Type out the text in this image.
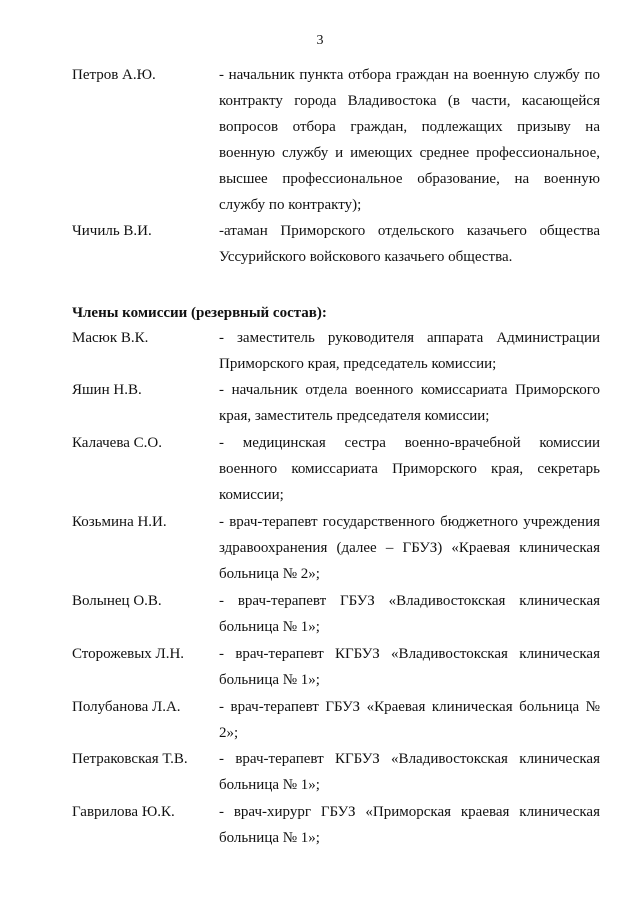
3
Петров А.Ю.	- начальник пункта отбора граждан на военную службу по контракту города Владивостока (в части, касающейся вопросов отбора граждан, подлежащих призыву на военную службу и имеющих среднее профессиональное, высшее профессиональное образование, на военную службу по контракту);
Чичиль В.И.	-атаман Приморского отдельского казачьего общества Уссурийского войскового казачьего общества.
Члены комиссии (резервный состав):
Масюк В.К.	- заместитель руководителя аппарата Администрации Приморского края, председатель комиссии;
Яшин Н.В.	- начальник отдела военного комиссариата Приморского края, заместитель председателя комиссии;
Калачева С.О.	- медицинская сестра военно-врачебной комиссии военного комиссариата Приморского края, секретарь комиссии;
Козьмина Н.И.	- врач-терапевт государственного бюджетного учреждения здравоохранения (далее – ГБУЗ) «Краевая клиническая больница № 2»;
Волынец О.В.	- врач-терапевт ГБУЗ «Владивостокская клиническая больница № 1»;
Сторожевых Л.Н. - врач-терапевт КГБУЗ «Владивостокская клиническая больница № 1»;
Полубанова Л.А.	- врач-терапевт ГБУЗ «Краевая клиническая больница № 2»;
Петраковская Т.В. - врач-терапевт КГБУЗ «Владивостокская клиническая больница № 1»;
Гаврилова Ю.К.	- врач-хирург ГБУЗ «Приморская краевая клиническая больница № 1»;
